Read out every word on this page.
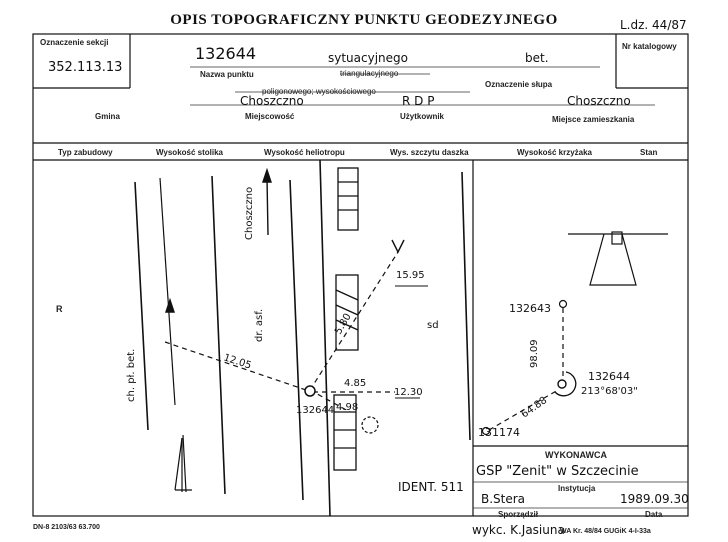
OPIS TOPOGRAFICZNY PUNKTU GEODEZYJNEGO	L.dz. 44/87
Choszczno
dr. asf.
ch. pł. bet.	12.05
5.80
98.09
64.88
Oznaczenie sekcji
352.113.13
Nr katalogowy
132644	sytuacyjnego	bet.
Nazwa punktu	triangulacyjnego
Oznaczenie słupa
poligonowego; wysokościowego
Choszczno	R D P	Choszczno
Gmina	Miejscowość	Użytkownik	Miejsce zamieszkania
Typ zabudowy	Wysokość stolika	Wysokość heliotropu	Wys. szczytu daszka	Wysokość krzyżaka	Stan
R
sd
132644
4.85
12.30
4.98
15.95
IDENT. 511
132643
132644
213°68'03"
131174
WYKONAWCA
GSP "Zenit" w Szczecinie
Instytucja
B.Stera	1989.09.30
Sporządził	Data
DN-8 2103/63 63.700	wykc. K.Jasiuna
WA Kr. 48/84 GUGiK 4-I-33a
